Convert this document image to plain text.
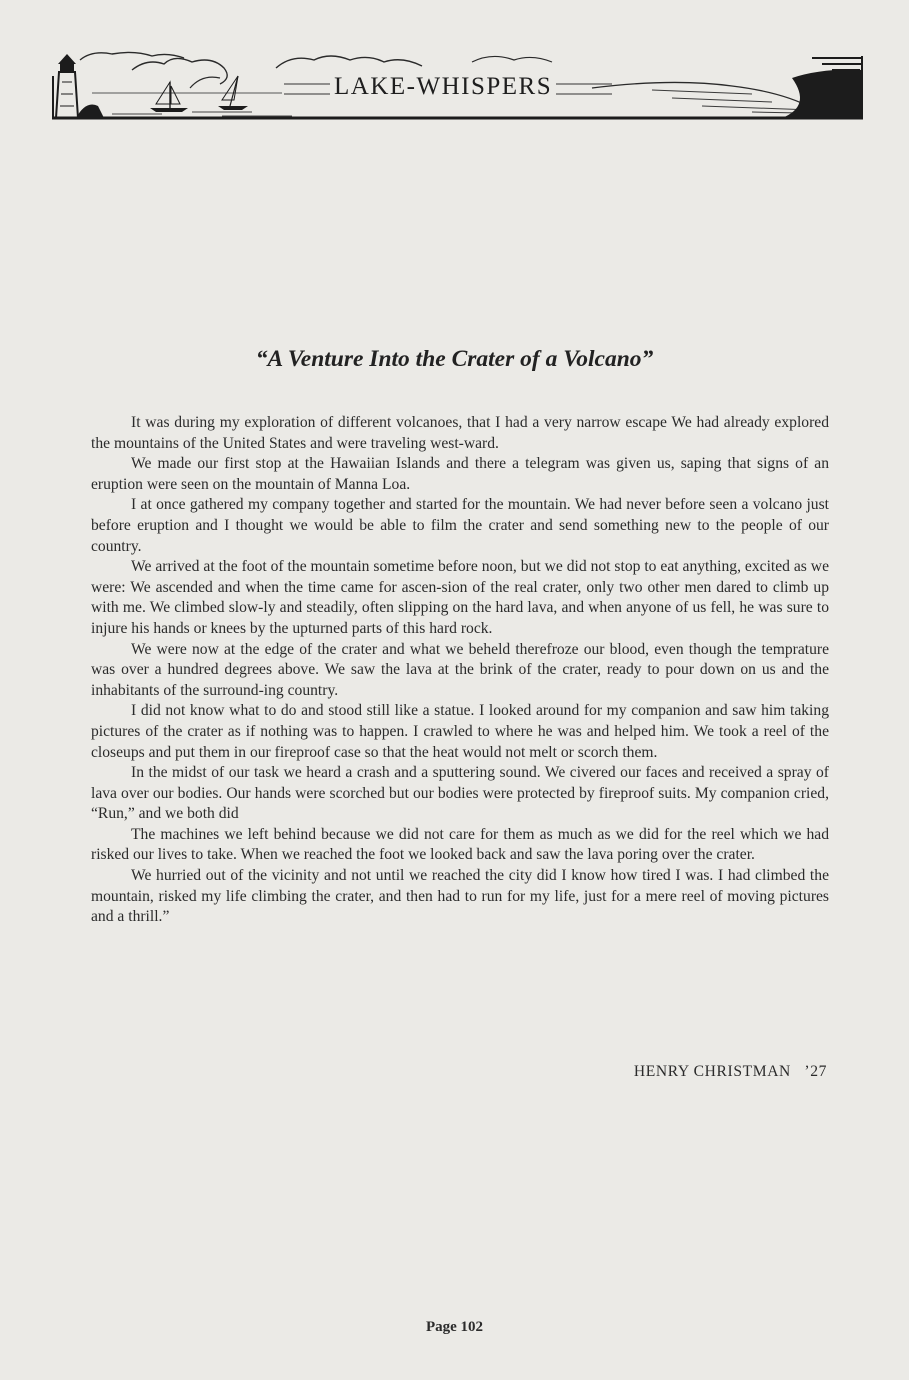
LAKE-WHISPERS
“A Venture Into the Crater of a Volcano”

It was during my exploration of different volcanoes, that I had a very narrow escape We had already explored the mountains of the United States and were traveling west-ward.

We made our first stop at the Hawaiian Islands and there a telegram was given us, saping that signs of an eruption were seen on the mountain of Manna Loa.

I at once gathered my company together and started for the mountain. We had never before seen a volcano just before eruption and I thought we would be able to film the crater and send something new to the people of our country.

We arrived at the foot of the mountain sometime before noon, but we did not stop to eat anything, excited as we were: We ascended and when the time came for ascen-sion of the real crater, only two other men dared to climb up with me. We climbed slow-ly and steadily, often slipping on the hard lava, and when anyone of us fell, he was sure to injure his hands or knees by the upturned parts of this hard rock.

We were now at the edge of the crater and what we beheld therefroze our blood, even though the temprature was over a hundred degrees above. We saw the lava at the brink of the crater, ready to pour down on us and the inhabitants of the surround-ing country.

I did not know what to do and stood still like a statue. I looked around for my companion and saw him taking pictures of the crater as if nothing was to happen. I crawled to where he was and helped him. We took a reel of the closeups and put them in our fireproof case so that the heat would not melt or scorch them.

In the midst of our task we heard a crash and a sputtering sound. We civered our faces and received a spray of lava over our bodies. Our hands were scorched but our bodies were protected by fireproof suits. My companion cried, “Run,” and we both did

The machines we left behind because we did not care for them as much as we did for the reel which we had risked our lives to take. When we reached the foot we looked back and saw the lava poring over the crater.

We hurried out of the vicinity and not until we reached the city did I know how tired I was. I had climbed the mountain, risked my life climbing the crater, and then had to run for my life, just for a mere reel of moving pictures and a thrill.”

HENRY CHRISTMAN   ’27
Page 102
